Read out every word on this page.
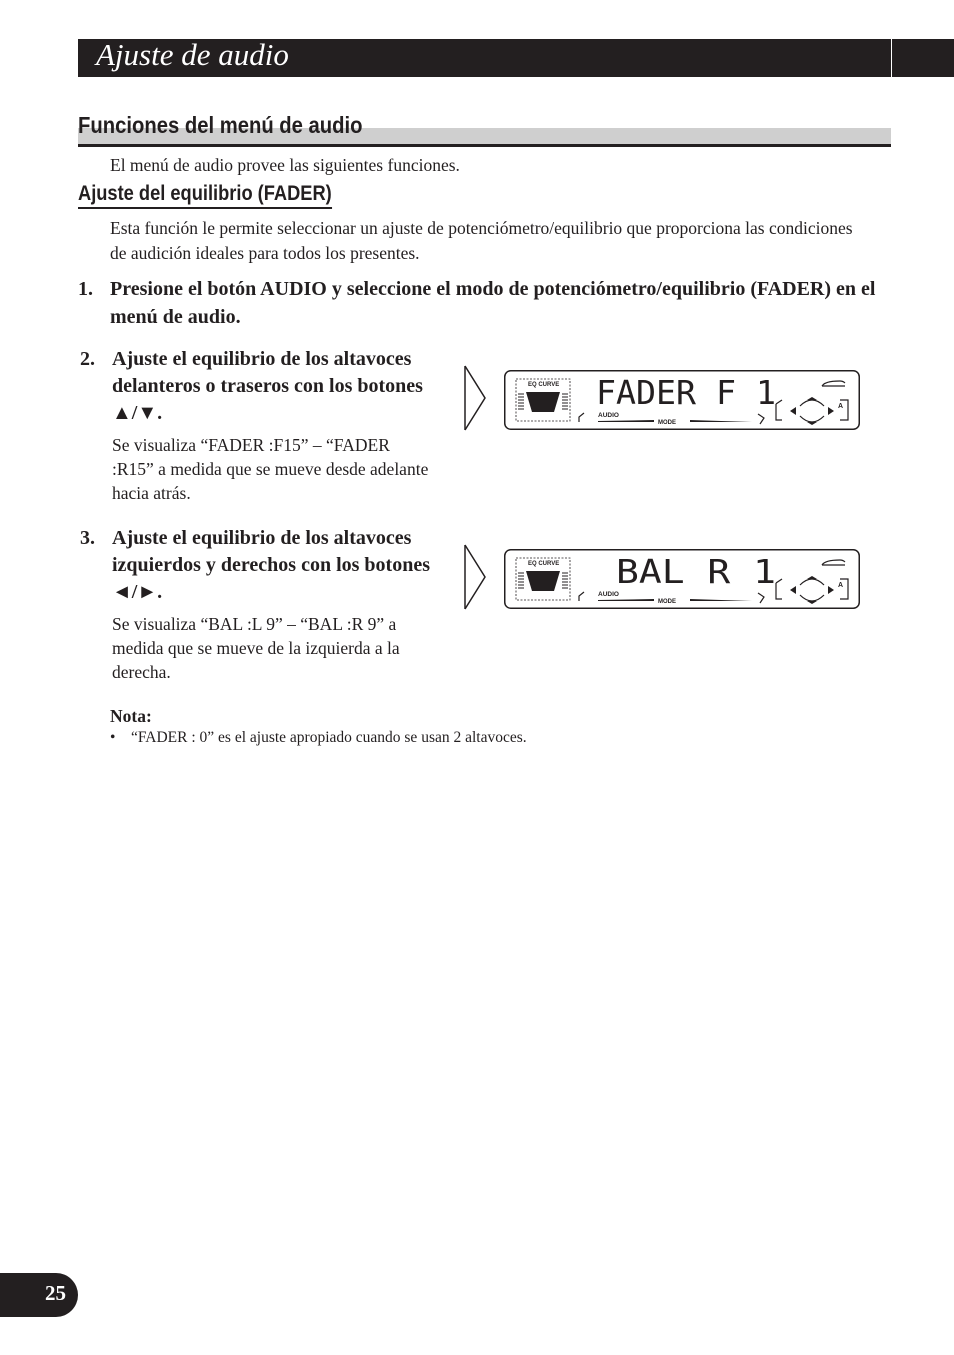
Ajuste de audio
Funciones del menú de audio
El menú de audio provee las siguientes funciones.
Ajuste del equilibrio (FADER)
Esta función le permite seleccionar un ajuste de potenciómetro/equilibrio que proporciona las condiciones de audición ideales para todos los presentes.
1. Presione el botón AUDIO y seleccione el modo de potenciómetro/equilibrio (FADER) en el menú de audio.
2. Ajuste el equilibrio de los altavoces delanteros o traseros con los botones ▲/▼.
Se visualiza “FADER :F15” – “FADER :R15” a medida que se mueve desde adelante hacia atrás.
3. Ajuste el equilibrio de los altavoces izquierdos y derechos con los botones ◄/►.
Se visualiza “BAL :L 9” – “BAL :R 9” a medida que se mueve de la izquierda a la derecha.
EQ CURVE
AUDIO
MODE
FADER F 1	A
EQ CURVE
AUDIO
MODE
BAL R 1	A
Nota:
•    “FADER : 0” es el ajuste apropiado cuando se usan 2 altavoces.
25
